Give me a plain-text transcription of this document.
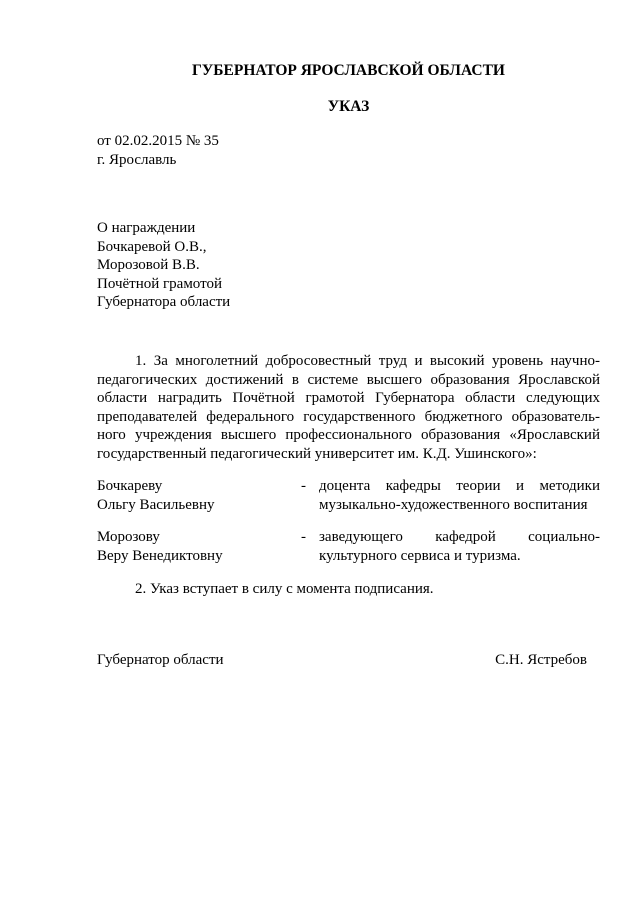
ГУБЕРНАТОР ЯРОСЛАВСКОЙ ОБЛАСТИ
УКАЗ
от 02.02.2015 № 35
г. Ярославль
О награждении
Бочкаревой О.В.,
Морозовой В.В.
Почётной грамотой
Губернатора области
1. За многолетний добросовестный труд и высокий уровень научно-педагогических достижений в системе высшего образования Ярославской области наградить Почётной грамотой Губернатора области следующих преподавателей федерального государственного бюджетного образователь-ного учреждения высшего профессионального образования «Ярославский государственный педагогический университет им. К.Д. Ушинского»:
Бочкареву
Ольгу Васильевну
- доцента кафедры теории и методики
музыкально-художественного воспитания
Морозову
Веру Венедиктовну
- заведующего кафедрой социально-
культурного сервиса и туризма.
2. Указ вступает в силу с момента подписания.
Губернатор области	С.Н. Ястребов
